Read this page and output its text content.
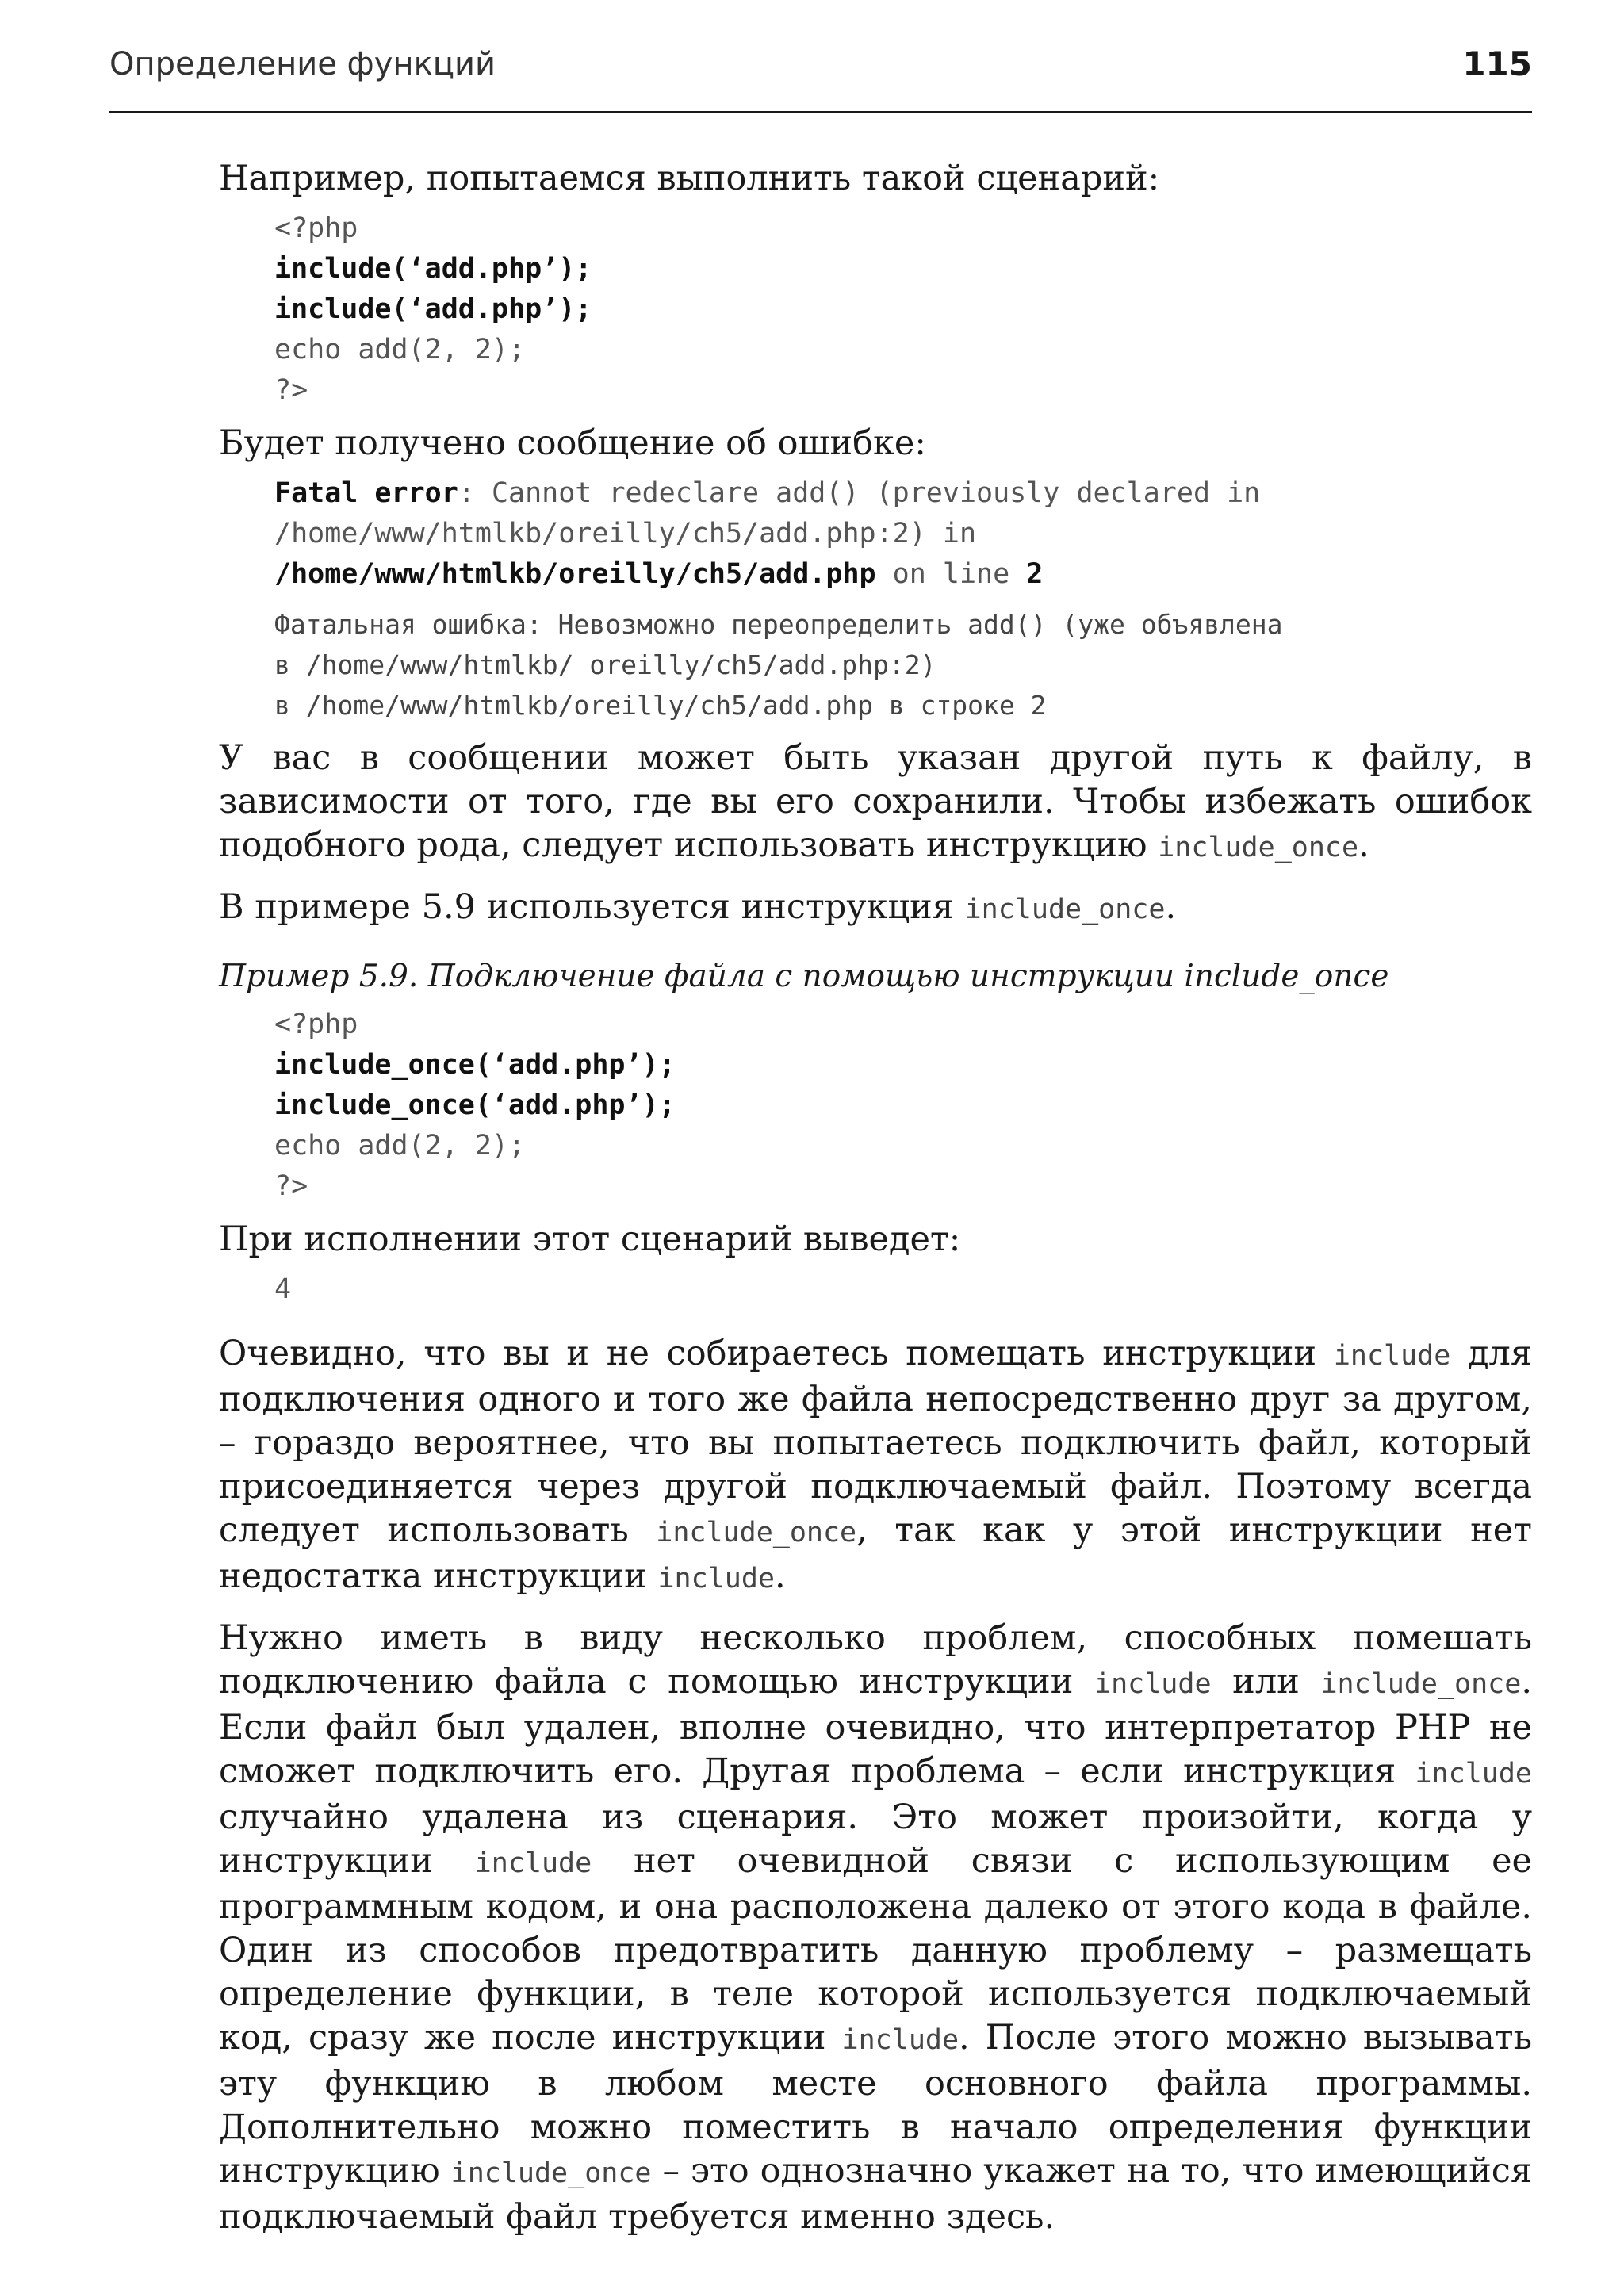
Определение функций	115

Например, попытаемся выполнить такой сценарий:

<?php
include(‘add.php’);
include(‘add.php’);
echo add(2, 2);
?>

Будет получено сообщение об ошибке:

Fatal error: Cannot redeclare add() (previously declared in
/home/www/htmlkb/oreilly/ch5/add.php:2) in
/home/www/htmlkb/oreilly/ch5/add.php on line 2
Фатальная ошибка: Невозможно переопределить add() (уже объявлена
в /home/www/htmlkb/ oreilly/ch5/add.php:2)
в /home/www/htmlkb/oreilly/ch5/add.php в строке 2

У вас в сообщении может быть указан другой путь к файлу, в зависимости от того, где вы его сохранили. Чтобы избежать ошибок подобного рода, следует использовать инструкцию include_once.

В примере 5.9 используется инструкция include_once.

Пример 5.9. Подключение файла с помощью инструкции include_once

<?php
include_once(‘add.php’);
include_once(‘add.php’);
echo add(2, 2);
?>

При исполнении этот сценарий выведет:

4

Очевидно, что вы и не собираетесь помещать инструкции include для подключения одного и того же файла непосредственно друг за другом, – гораздо вероятнее, что вы попытаетесь подключить файл, который присоединяется через другой подключаемый файл. Поэтому всегда следует использовать include_once, так как у этой инструкции нет недостатка инструкции include.

Нужно иметь в виду несколько проблем, способных помешать подключению файла с помощью инструкции include или include_once. Если файл был удален, вполне очевидно, что интерпретатор PHP не сможет подключить его. Другая проблема – если инструкция include случайно удалена из сценария. Это может произойти, когда у инструкции include нет очевидной связи с использующим ее программным кодом, и она расположена далеко от этого кода в файле. Один из способов предотвратить данную проблему – размещать определение функции, в теле которой используется подключаемый код, сразу же после инструкции include. После этого можно вызывать эту функцию в любом месте основного файла программы. Дополнительно можно поместить в начало определения функции инструкцию include_once – это однозначно укажет на то, что имеющийся подключаемый файл требуется именно здесь.
